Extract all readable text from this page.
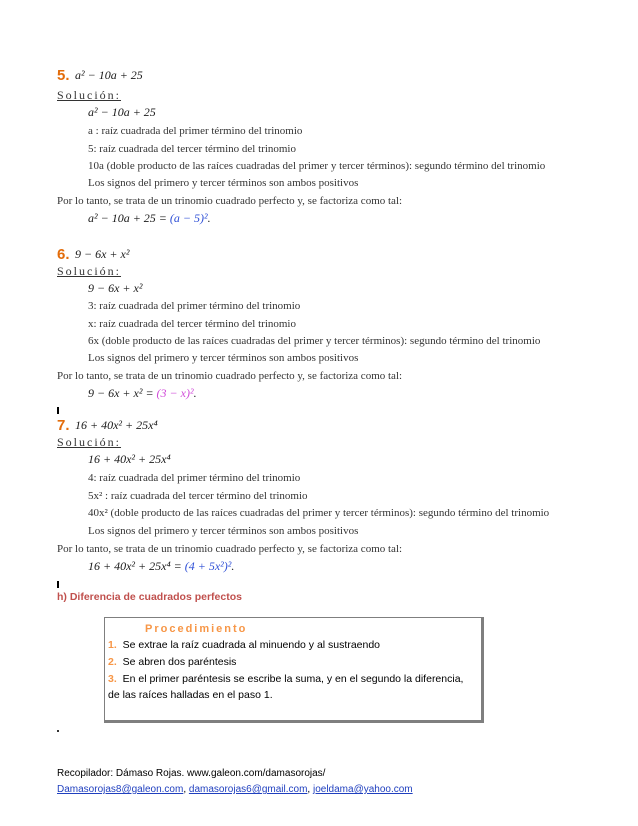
5. a² − 10a + 25
Solución:
a² − 10a + 25
a : raíz cuadrada del primer término del trinomio
5: raíz cuadrada del tercer término del trinomio
10a (doble producto de las raíces cuadradas del primer y tercer términos): segundo término del trinomio
Los signos del primero y tercer términos son ambos positivos
Por lo tanto, se trata de un trinomio cuadrado perfecto y, se factoriza como tal:
a² − 10a + 25 = (a − 5)².
6. 9 − 6x + x²
Solución:
9 − 6x + x²
3: raíz cuadrada del primer término del trinomio
x: raíz cuadrada del tercer término del trinomio
6x (doble producto de las raíces cuadradas del primer y tercer términos): segundo término del trinomio
Los signos del primero y tercer términos son ambos positivos
Por lo tanto, se trata de un trinomio cuadrado perfecto y, se factoriza como tal:
9 − 6x + x² = (3 − x)².
7. 16 + 40x² + 25x⁴
Solución:
16 + 40x² + 25x⁴
4: raíz cuadrada del primer término del trinomio
5x² : raíz cuadrada del tercer término del trinomio
40x² (doble producto de las raíces cuadradas del primer y tercer términos): segundo término del trinomio
Los signos del primero y tercer términos son ambos positivos
Por lo tanto, se trata de un trinomio cuadrado perfecto y, se factoriza como tal:
16 + 40x² + 25x⁴ = (4 + 5x²)².
h) Diferencia de cuadrados perfectos
Procedimiento
1. Se extrae la raíz cuadrada al minuendo y al sustraendo
2. Se abren dos paréntesis
3. En el primer paréntesis se escribe la suma, y en el segundo la diferencia,
de las raíces halladas en el paso 1.
Recopilador: Dámaso Rojas. www.galeon.com/damasorojas/
Damasorojas8@galeon.com, damasorojas6@gmail.com, joeldama@yahoo.com
